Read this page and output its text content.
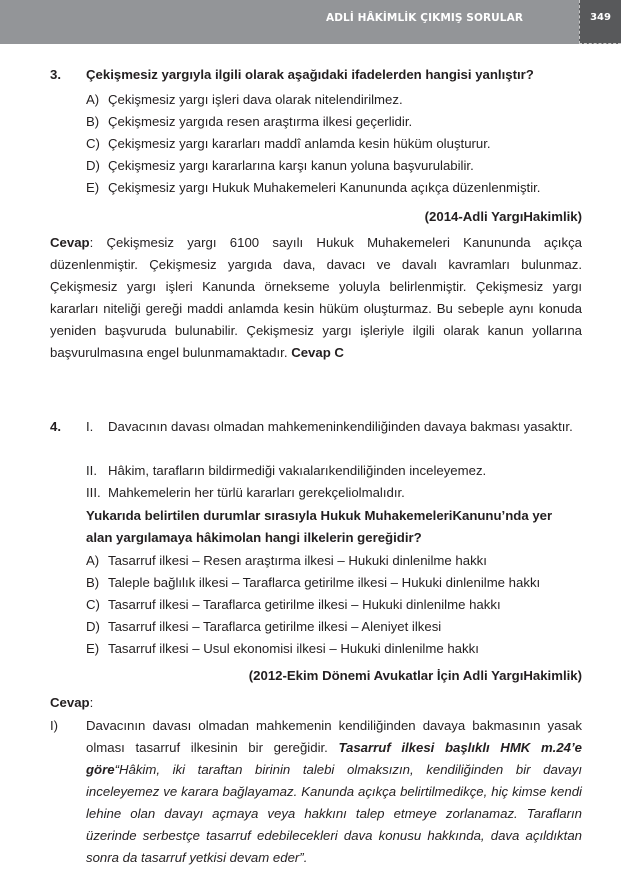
ADLİ HÂKİMLİK ÇIKMIŞ SORULAR	349
3. Çekişmesiz yargıyla ilgili olarak aşağıdaki ifadelerden hangisi yanlıştır?
A) Çekişmesiz yargı işleri dava olarak nitelendirilmez.
B) Çekişmesiz yargıda resen araştırma ilkesi geçerlidir.
C) Çekişmesiz yargı kararları maddî anlamda kesin hüküm oluşturur.
D) Çekişmesiz yargı kararlarına karşı kanun yoluna başvurulabilir.
E) Çekişmesiz yargı Hukuk Muhakemeleri Kanununda açıkça düzenlenmiştir.
(2014-Adli YargıHakimlik)
Cevap: Çekişmesiz yargı 6100 sayılı Hukuk Muhakemeleri Kanununda açıkça düzenlenmiştir. Çekişmesiz yargıda dava, davacı ve davalı kavramları bulunmaz. Çekişmesiz yargı işleri Kanunda örnekseme yoluyla belirlenmiştir. Çekişmesiz yargı kararları niteliği gereği maddi anlamda kesin hüküm oluşturmaz. Bu sebeple aynı konuda yeniden başvuruda bulunabilir. Çekişmesiz yargı işleriyle ilgili olarak kanun yollarına başvurulmasına engel bulunmamaktadır. Cevap C
4. I. Davacının davası olmadan mahkemeninkendiliğinden davaya bakması yasaktır.
II. Hâkim, tarafların bildirmediği vakıalarıkendiliğinden inceleyemez.
III. Mahkemelerin her türlü kararları gerekçeliolmalıdır.
Yukarıda belirtilen durumlar sırasıyla Hukuk MuhakemeleriKanunu’nda yer alan yargılamaya hâkimolan hangi ilkelerin gereğidir?
A) Tasarruf ilkesi – Resen araştırma ilkesi – Hukuki dinlenilme hakkı
B) Taleple bağlılık ilkesi – Taraflarca getirilme ilkesi – Hukuki dinlenilme hakkı
C) Tasarruf ilkesi – Taraflarca getirilme ilkesi – Hukuki dinlenilme hakkı
D) Tasarruf ilkesi – Taraflarca getirilme ilkesi – Aleniyet ilkesi
E) Tasarruf ilkesi – Usul ekonomisi ilkesi – Hukuki dinlenilme hakkı
(2012-Ekim Dönemi Avukatlar İçin Adli YargıHakimlik)
Cevap:
I) Davacının davası olmadan mahkemenin kendiliğinden davaya bakmasının yasak olması tasarruf ilkesinin bir gereğidir. Tasarruf ilkesi başlıklı HMK m.24’e göre“Hâkim, iki taraftan birinin talebi olmaksızın, kendiliğinden bir davayı inceleyemez ve karara bağlayamaz. Kanunda açıkça belirtilmedikçe, hiç kimse kendi lehine olan davayı açmaya veya hakkını talep etmeye zorlanamaz. Tarafların üzerinde serbestçe tasarruf edebilecekleri dava konusu hakkında, dava açıldıktan sonra da tasarruf yetkisi devam eder”.
